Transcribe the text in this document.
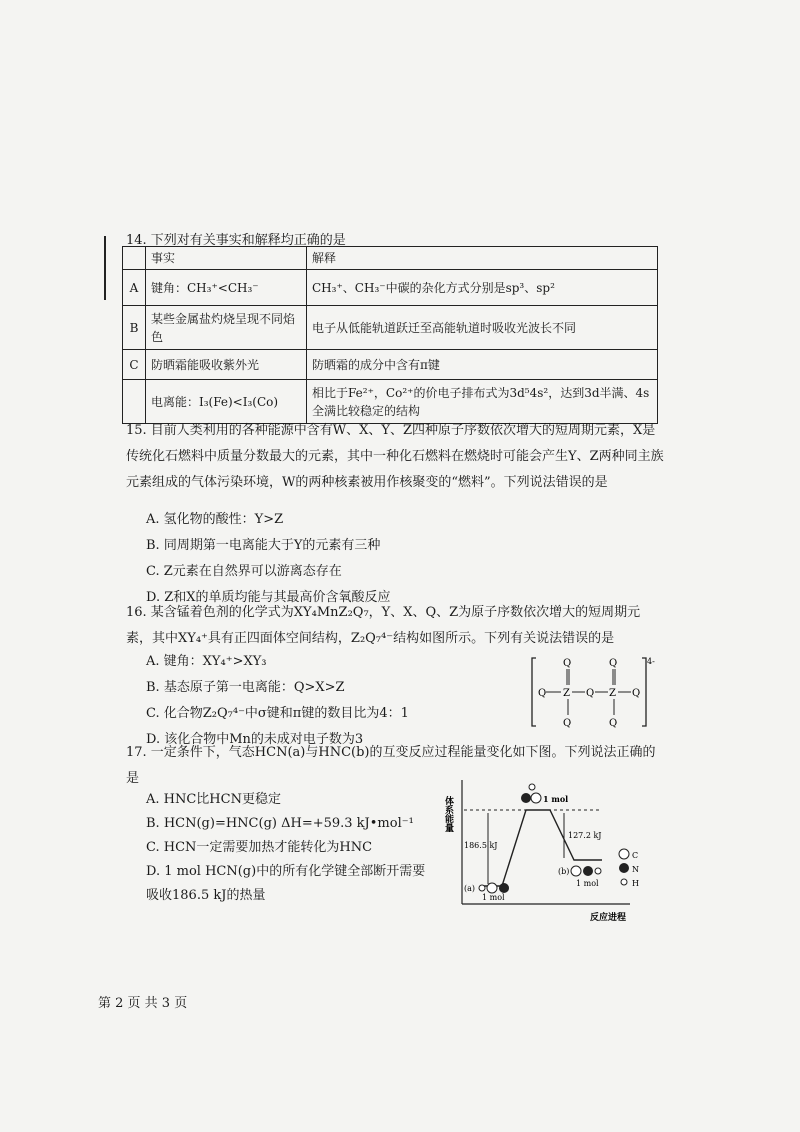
14. 下列对有关事实和解释均正确的是
	事实	解释
A	键角：CH₃⁺<CH₃⁻	CH₃⁺、CH₃⁻中碳的杂化方式分别是sp³、sp²
B	某些金属盐灼烧呈现不同焰色	电子从低能轨道跃迁至高能轨道时吸收光波长不同
C	防晒霜能吸收紫外光	防晒霜的成分中含有π键
	电离能：I₃(Fe)<I₃(Co)	相比于Fe²⁺，Co²⁺的价电子排布式为3d⁵4s²，达到3d半满、4s全满比较稳定的结构
15. 目前人类利用的各种能源中含有W、X、Y、Z四种原子序数依次增大的短周期元素，X是传统化石燃料中质量分数最大的元素，其中一种化石燃料在燃烧时可能会产生Y、Z两种同主族元素组成的气体污染环境，W的两种核素被用作核聚变的“燃料”。下列说法错误的是
A. 氢化物的酸性：Y>Z
B. 同周期第一电离能大于Y的元素有三种
C. Z元素在自然界可以游离态存在
D. Z和X的单质均能与其最高价含氧酸反应
16. 某含锰着色剂的化学式为XY₄MnZ₂Q₇，Y、X、Q、Z为原子序数依次增大的短周期元素，其中XY₄⁺具有正四面体空间结构，Z₂Q₇⁴⁻结构如图所示。下列有关说法错误的是
A. 键角：XY₄⁺>XY₃
B. 基态原子第一电离能：Q>X>Z
C. 化合物Z₂Q₇⁴⁻中σ键和π键的数目比为4：1
D. 该化合物中Mn的未成对电子数为3
4-
Q
Z
Q
Q	Q
Q
Z
Q
Q
17. 一定条件下，气态HCN(a)与HNC(b)的互变反应过程能量变化如下图。下列说法正确的是
A. HNC比HCN更稳定
B. HCN(g)=HNC(g) ΔH=+59.3 kJ•mol⁻¹
C. HCN一定需要加热才能转化为HNC
D. 1 mol HCN(g)中的所有化学键全部断开需要
吸收186.5 kJ的热量
体系能量
反应进程
1 mol
186.5 kJ
127.2 kJ
(a)
1 mol
(b)
1 mol
C
N
H
第 2 页 共 3 页
